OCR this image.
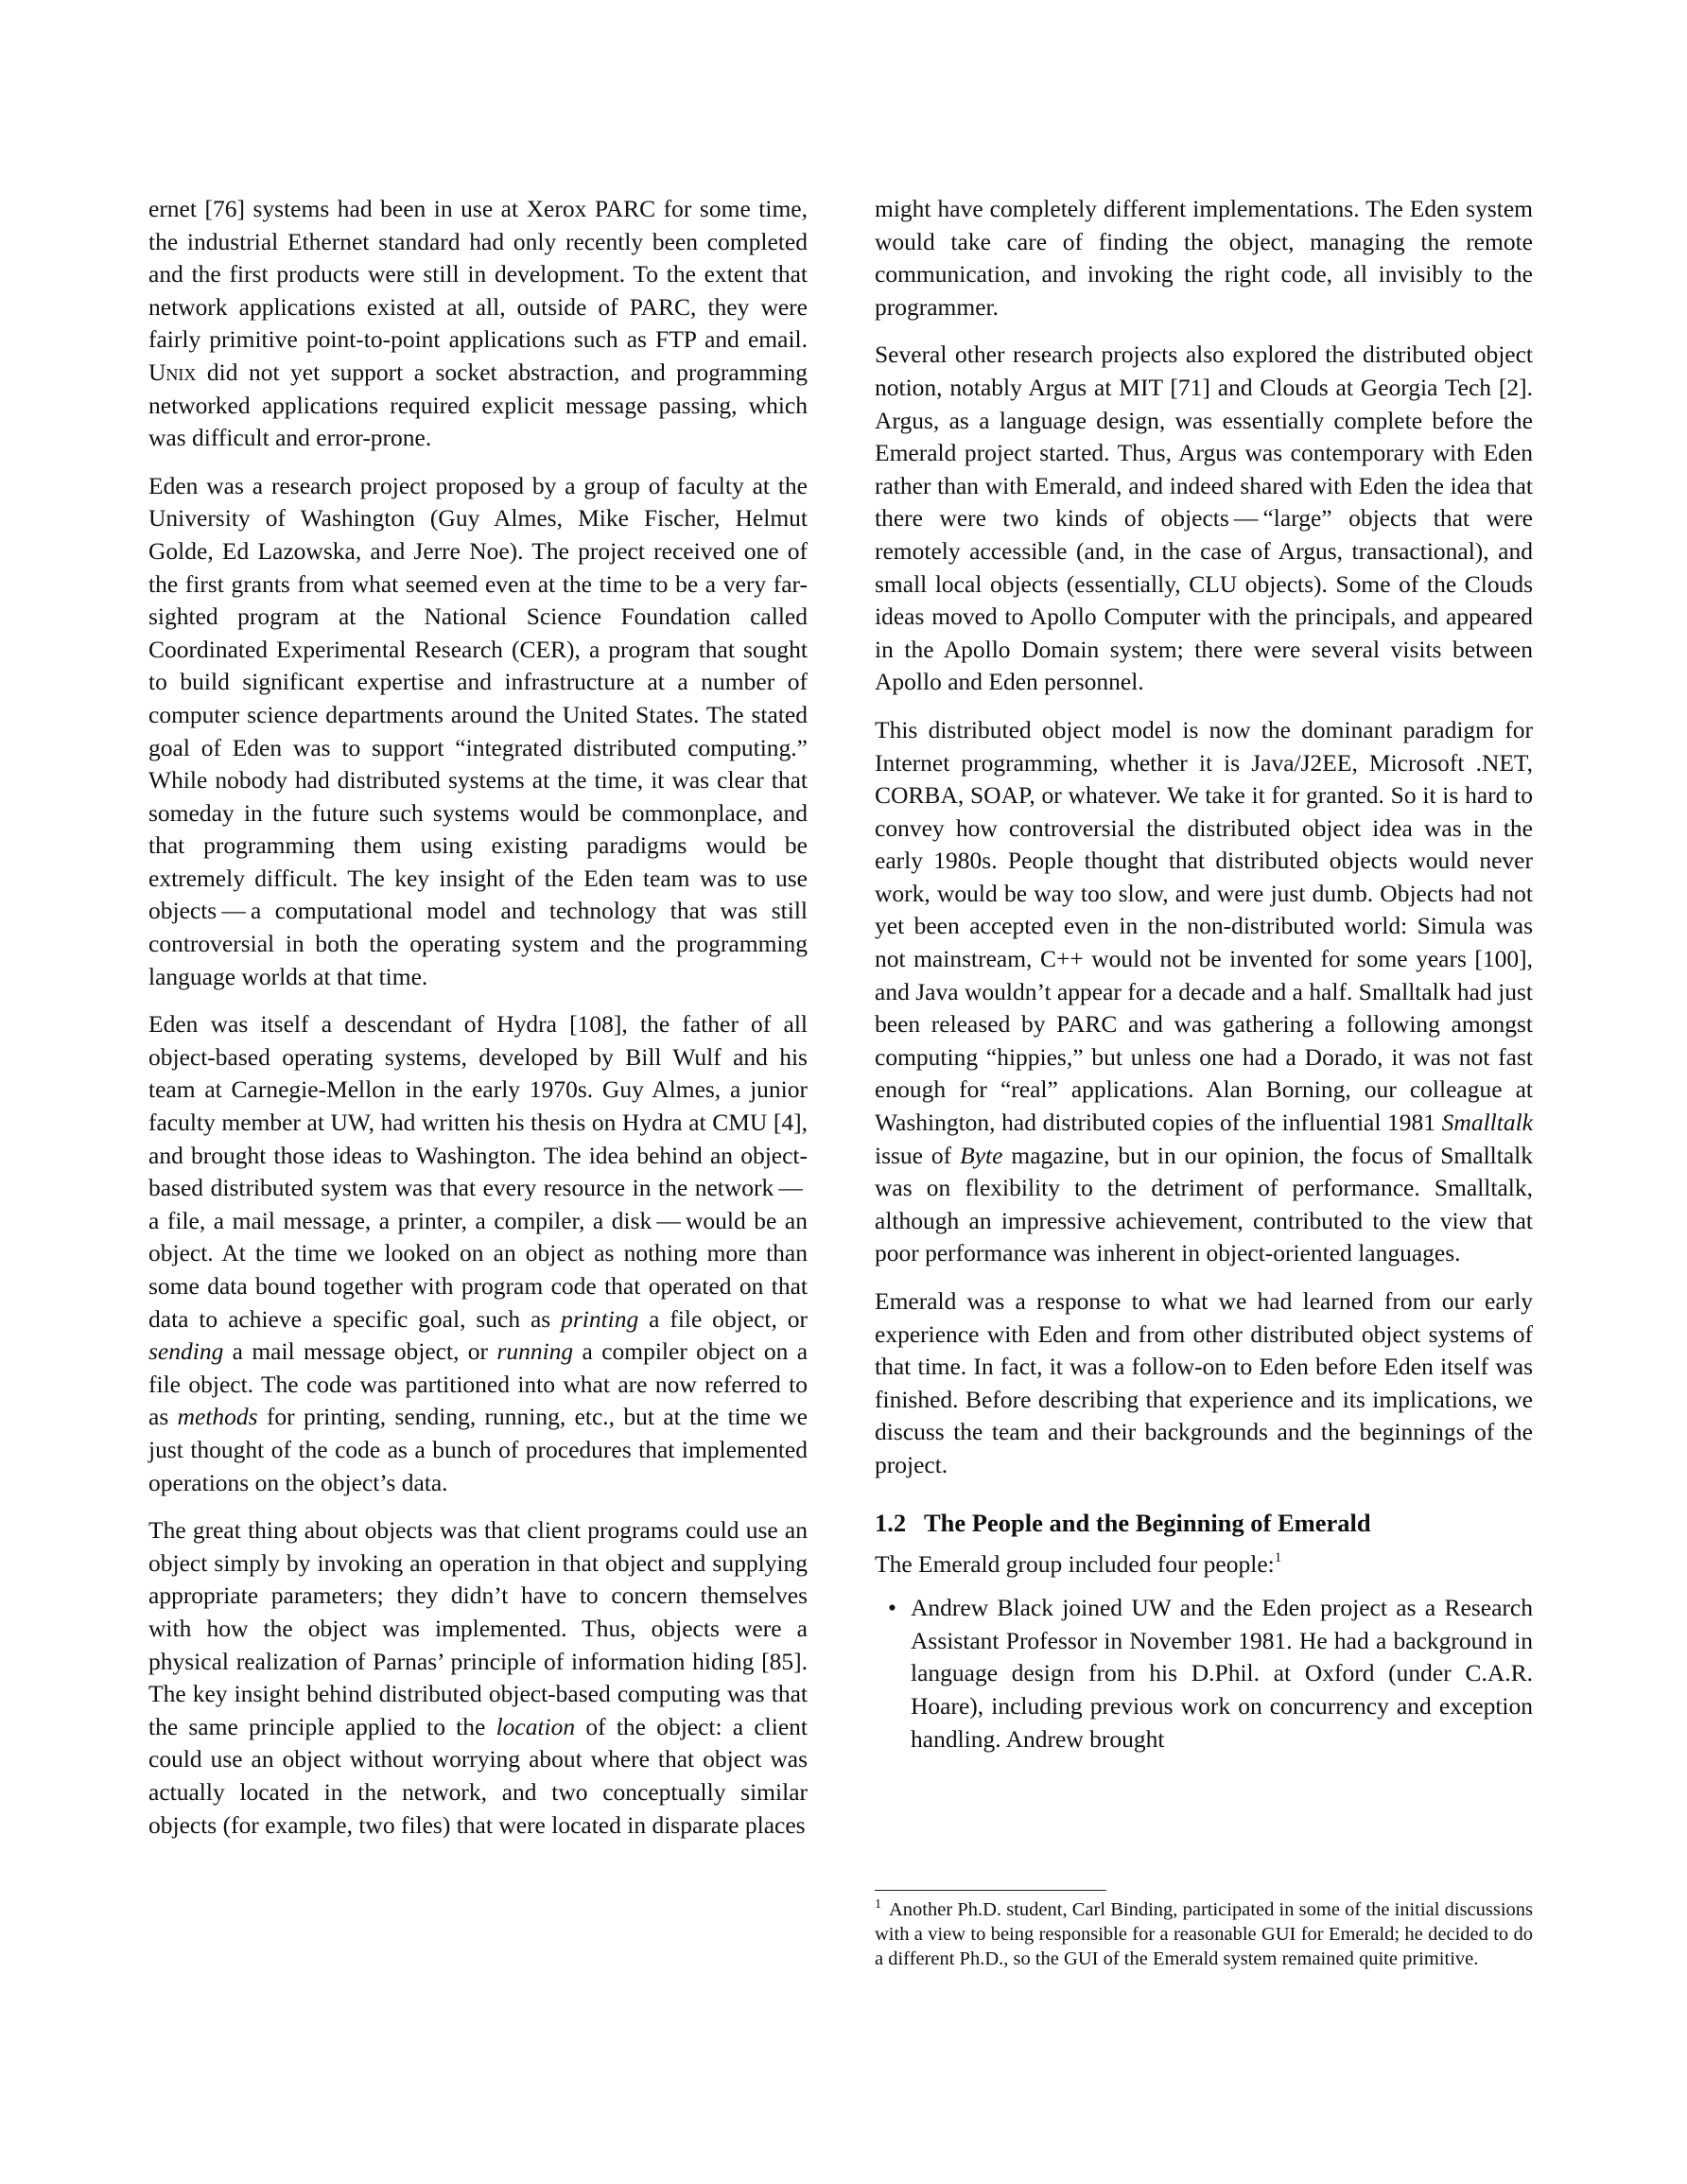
ernet [76] systems had been in use at Xerox PARC for some time, the industrial Ethernet standard had only recently been completed and the first products were still in development. To the extent that network applications existed at all, outside of PARC, they were fairly primitive point-to-point applications such as FTP and email. Unix did not yet support a socket abstraction, and programming networked applications required explicit message passing, which was difficult and error-prone.

Eden was a research project proposed by a group of faculty at the University of Washington (Guy Almes, Mike Fischer, Helmut Golde, Ed Lazowska, and Jerre Noe). The project received one of the first grants from what seemed even at the time to be a very far-sighted program at the National Science Foundation called Coordinated Experimental Research (CER), a program that sought to build significant expertise and infrastructure at a number of computer science departments around the United States. The stated goal of Eden was to support “integrated distributed computing.” While nobody had distributed systems at the time, it was clear that someday in the future such systems would be commonplace, and that programming them using existing paradigms would be extremely difficult. The key insight of the Eden team was to use objects — a computational model and technology that was still controversial in both the operating system and the programming language worlds at that time.

Eden was itself a descendant of Hydra [108], the father of all object-based operating systems, developed by Bill Wulf and his team at Carnegie-Mellon in the early 1970s. Guy Almes, a junior faculty member at UW, had written his thesis on Hydra at CMU [4], and brought those ideas to Washington. The idea behind an object-based distributed system was that every resource in the network — a file, a mail message, a printer, a compiler, a disk — would be an object. At the time we looked on an object as nothing more than some data bound together with program code that operated on that data to achieve a specific goal, such as printing a file object, or sending a mail message object, or running a compiler object on a file object. The code was partitioned into what are now referred to as methods for printing, sending, running, etc., but at the time we just thought of the code as a bunch of procedures that implemented operations on the object’s data.

The great thing about objects was that client programs could use an object simply by invoking an operation in that object and supplying appropriate parameters; they didn’t have to concern themselves with how the object was implemented. Thus, objects were a physical realization of Parnas’ principle of information hiding [85]. The key insight behind distributed object-based computing was that the same principle applied to the location of the object: a client could use an object without worrying about where that object was actually located in the network, and two conceptually similar objects (for example, two files) that were located in disparate places

might have completely different implementations. The Eden system would take care of finding the object, managing the remote communication, and invoking the right code, all invisibly to the programmer.

Several other research projects also explored the distributed object notion, notably Argus at MIT [71] and Clouds at Georgia Tech [2]. Argus, as a language design, was essentially complete before the Emerald project started. Thus, Argus was contemporary with Eden rather than with Emerald, and indeed shared with Eden the idea that there were two kinds of objects — “large” objects that were remotely accessible (and, in the case of Argus, transactional), and small local objects (essentially, CLU objects). Some of the Clouds ideas moved to Apollo Computer with the principals, and appeared in the Apollo Domain system; there were several visits between Apollo and Eden personnel.

This distributed object model is now the dominant paradigm for Internet programming, whether it is Java/J2EE, Microsoft .NET, CORBA, SOAP, or whatever. We take it for granted. So it is hard to convey how controversial the distributed object idea was in the early 1980s. People thought that distributed objects would never work, would be way too slow, and were just dumb. Objects had not yet been accepted even in the non-distributed world: Simula was not mainstream, C++ would not be invented for some years [100], and Java wouldn’t appear for a decade and a half. Smalltalk had just been released by PARC and was gathering a following amongst computing “hippies,” but unless one had a Dorado, it was not fast enough for “real” applications. Alan Borning, our colleague at Washington, had distributed copies of the influential 1981 Smalltalk issue of Byte magazine, but in our opinion, the focus of Smalltalk was on flexibility to the detriment of performance. Smalltalk, although an impressive achievement, contributed to the view that poor performance was inherent in object-oriented languages.

Emerald was a response to what we had learned from our early experience with Eden and from other distributed object systems of that time. In fact, it was a follow-on to Eden before Eden itself was finished. Before describing that experience and its implications, we discuss the team and their backgrounds and the beginnings of the project.

1.2 The People and the Beginning of Emerald

The Emerald group included four people:$^1$

• Andrew Black joined UW and the Eden project as a Research Assistant Professor in November 1981. He had a background in language design from his D.Phil. at Oxford (under C.A.R. Hoare), including previous work on concurrency and exception handling. Andrew brought
$^1$ Another Ph.D. student, Carl Binding, participated in some of the initial discussions with a view to being responsible for a reasonable GUI for Emerald; he decided to do a different Ph.D., so the GUI of the Emerald system remained quite primitive.
